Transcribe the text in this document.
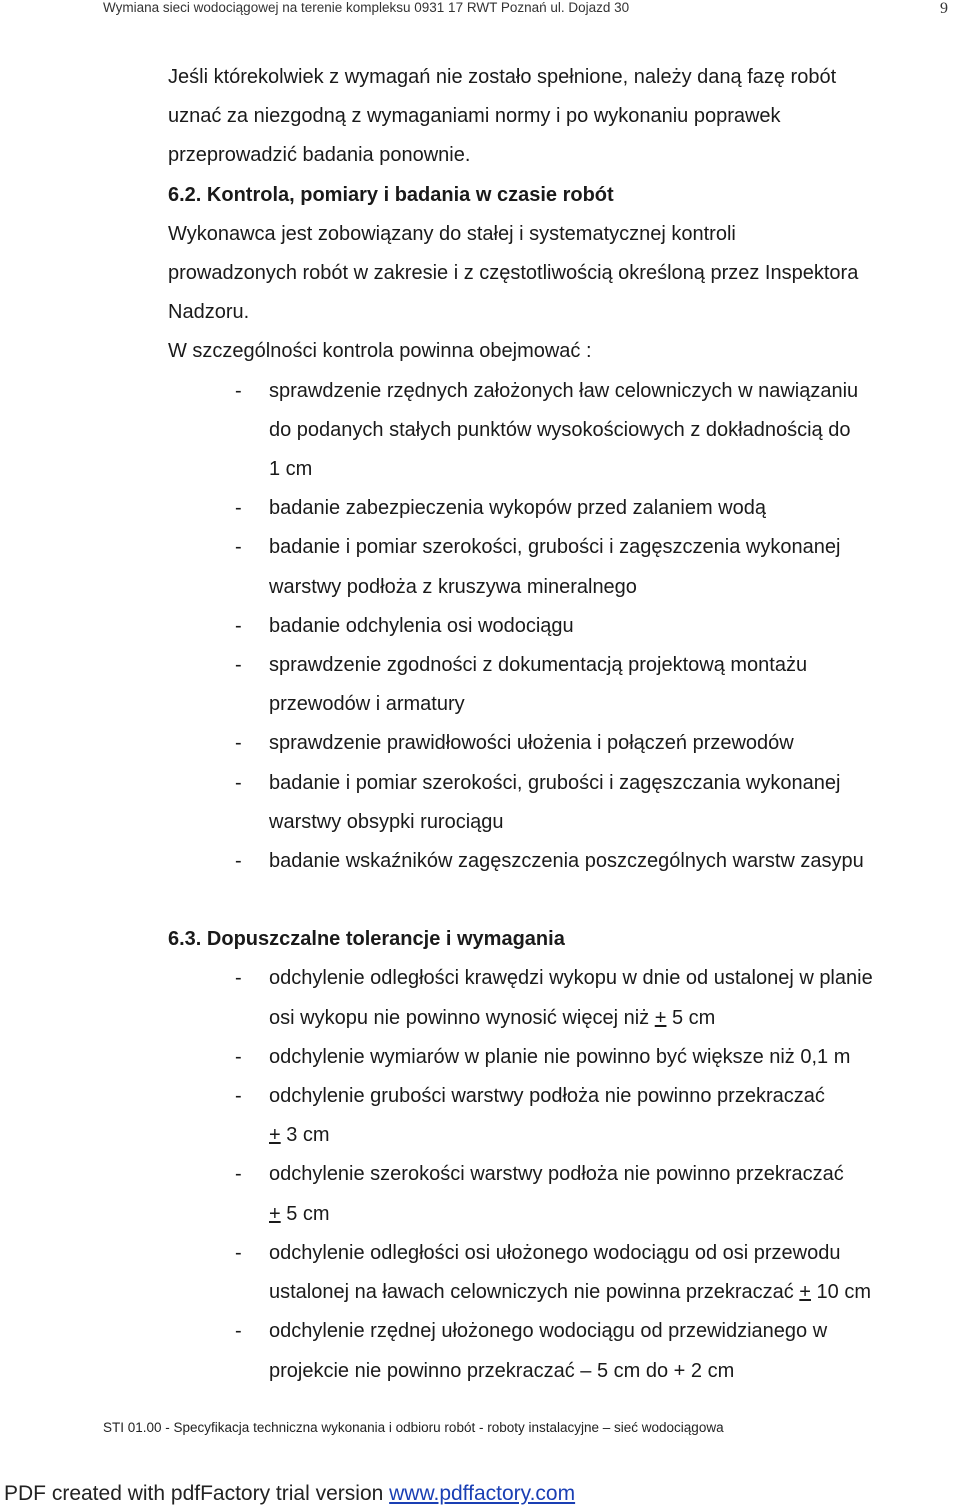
Wymiana sieci wodociągowej na terenie kompleksu 0931 17 RWT Poznań ul. Dojazd 30	9

Jeśli którekolwiek z wymagań nie zostało spełnione, należy daną fazę robót

uznać za niezgodną z wymaganiami normy i po wykonaniu poprawek

przeprowadzić badania ponownie.

6.2. Kontrola, pomiary i badania w czasie robót

Wykonawca jest zobowiązany do stałej i systematycznej kontroli

prowadzonych robót w zakresie i z częstotliwością określoną przez Inspektora

Nadzoru.

W szczególności kontrola powinna obejmować :

- sprawdzenie rzędnych założonych ław celowniczych w nawiązaniu
do podanych stałych punktów wysokościowych z dokładnością do
1 cm
- badanie zabezpieczenia wykopów przed zalaniem wodą
- badanie i pomiar szerokości, grubości i zagęszczenia wykonanej
warstwy podłoża z kruszywa mineralnego
- badanie odchylenia osi wodociągu
- sprawdzenie zgodności z dokumentacją projektową montażu
przewodów i armatury
- sprawdzenie prawidłowości ułożenia i połączeń przewodów
- badanie i pomiar szerokości, grubości i zagęszczania wykonanej
warstwy obsypki rurociągu
- badanie wskaźników zagęszczenia poszczególnych warstw zasypu

6.3. Dopuszczalne tolerancje i wymagania

- odchylenie odległości krawędzi wykopu w dnie od ustalonej w planie
osi wykopu nie powinno wynosić więcej niż + 5 cm
- odchylenie wymiarów w planie nie powinno być większe niż 0,1 m
- odchylenie grubości warstwy podłoża nie powinno przekraczać
+ 3 cm
- odchylenie szerokości warstwy podłoża nie powinno przekraczać
+ 5 cm
- odchylenie odległości osi ułożonego wodociągu od osi przewodu
ustalonej na ławach celowniczych nie powinna przekraczać + 10 cm
- odchylenie rzędnej ułożonego wodociągu od przewidzianego w
projekcie nie powinno przekraczać – 5 cm do + 2 cm
STI 01.00 - Specyfikacja techniczna wykonania i odbioru robót - roboty instalacyjne – sieć wodociągowa
PDF created with pdfFactory trial version www.pdffactory.com
